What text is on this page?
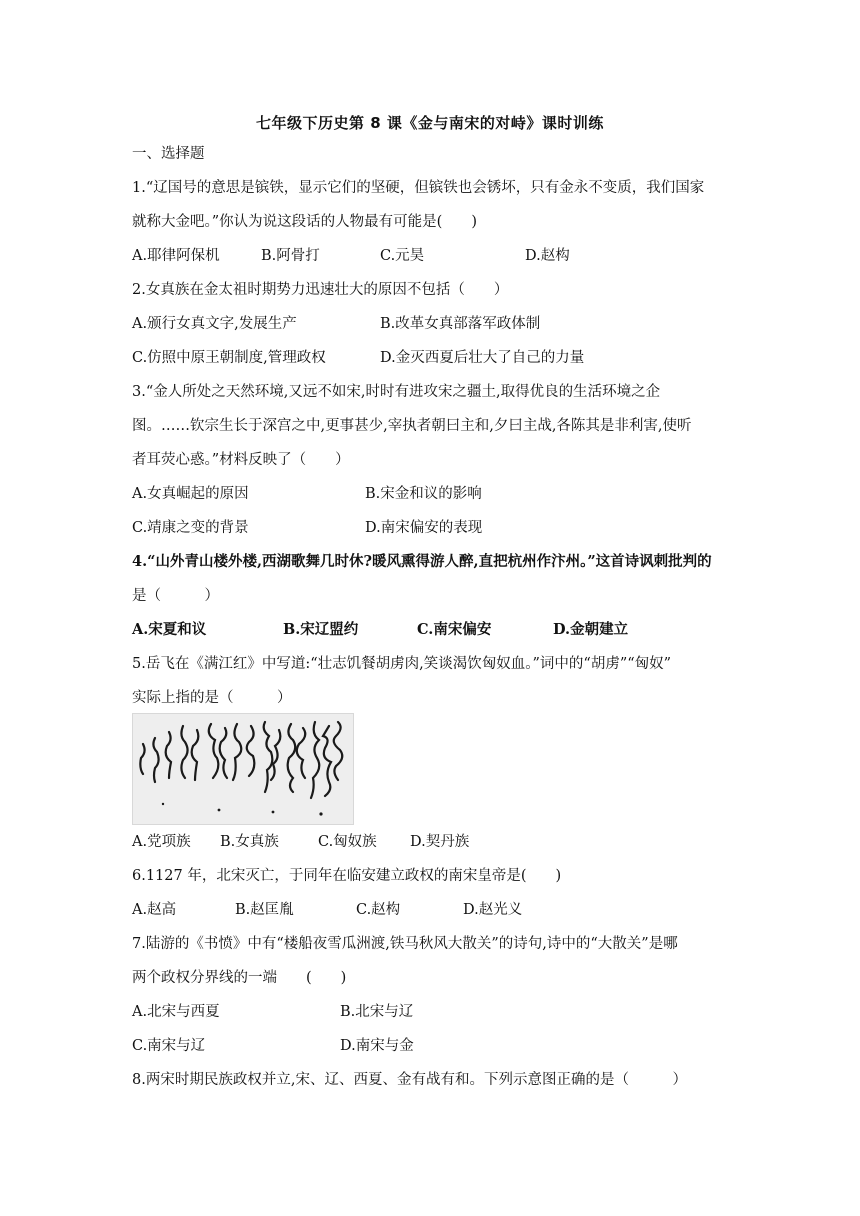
七年级下历史第 8 课《金与南宋的对峙》课时训练
一、选择题
1.“辽国号的意思是镔铁，显示它们的坚硬，但镔铁也会锈坏，只有金永不变质，我们国家
就称大金吧。”你认为说这段话的人物最有可能是(　　)
A.耶律阿保机	B.阿骨打	C.元昊	D.赵构
2.女真族在金太祖时期势力迅速壮大的原因不包括（　　）
A.颁行女真文字,发展生产	B.改革女真部落军政体制
C.仿照中原王朝制度,管理政权	D.金灭西夏后壮大了自己的力量
3.“金人所处之天然环境,又远不如宋,时时有进攻宋之疆土,取得优良的生活环境之企
图。……钦宗生长于深宫之中,更事甚少,宰执者朝曰主和,夕曰主战,各陈其是非利害,使听
者耳荧心惑。”材料反映了（　　）
A.女真崛起的原因	B.宋金和议的影响
C.靖康之变的背景	D.南宋偏安的表现
4.“山外青山楼外楼,西湖歌舞几时休?暖风熏得游人醉,直把杭州作汴州。”这首诗讽刺批判的
是（　　　）
A.宋夏和议	B.宋辽盟约	C.南宋偏安	D.金朝建立
5.岳飞在《满江红》中写道:“壮志饥餐胡虏肉,笑谈渴饮匈奴血。”词中的“胡虏”“匈奴”
实际上指的是（　　　）
A.党项族 B.女真族	C.匈奴族 D.契丹族
6.1127 年，北宋灭亡，于同年在临安建立政权的南宋皇帝是(　　)
A.赵高	B.赵匡胤	C.赵构	D.赵光义
7.陆游的《书愤》中有“楼船夜雪瓜洲渡,铁马秋风大散关”的诗句,诗中的“大散关”是哪
两个政权分界线的一端　　(　　)
A.北宋与西夏	B.北宋与辽
C.南宋与辽	D.南宋与金
8.两宋时期民族政权并立,宋、辽、西夏、金有战有和。下列示意图正确的是（　　　）
